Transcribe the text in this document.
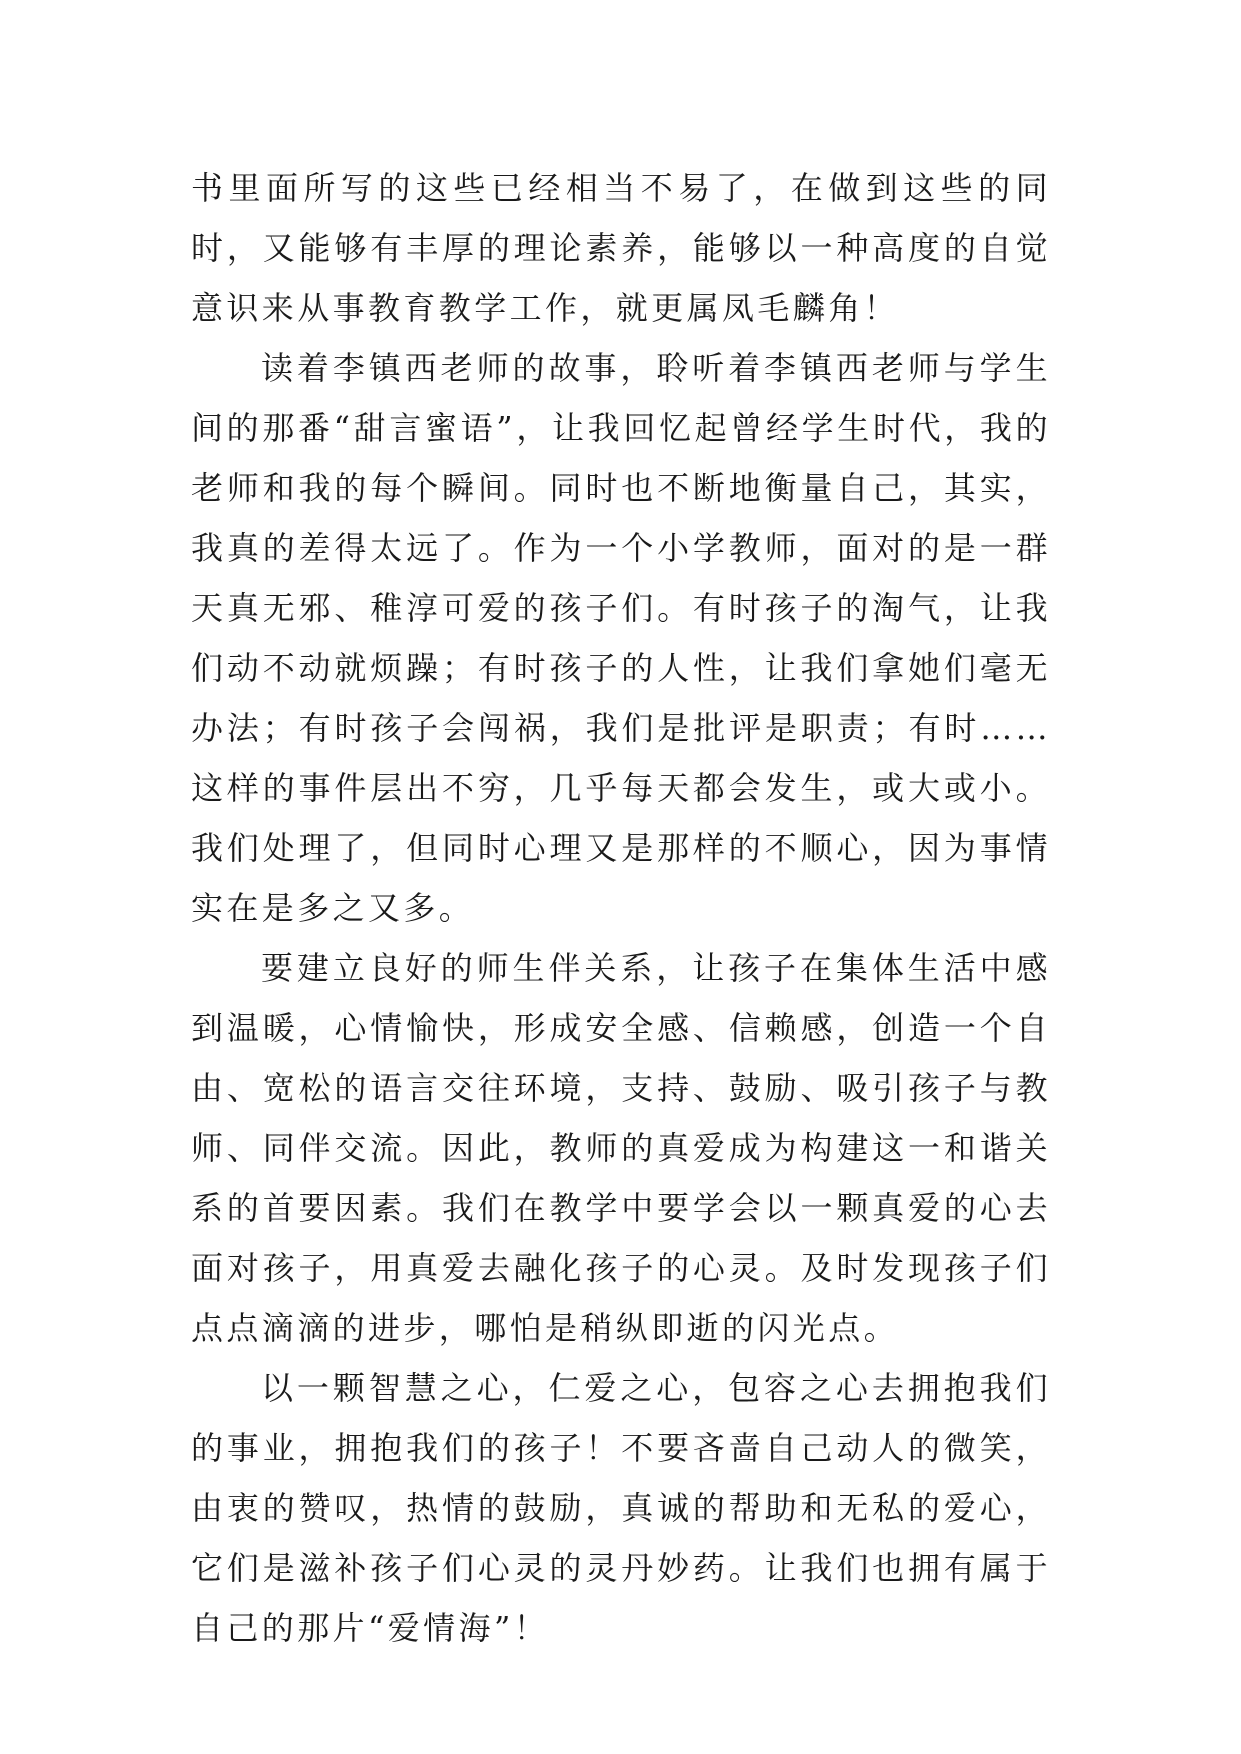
书里面所写的这些已经相当不易了，在做到这些的同时，又能够有丰厚的理论素养，能够以一种高度的自觉意识来从事教育教学工作，就更属凤毛麟角！

读着李镇西老师的故事，聆听着李镇西老师与学生间的那番“甜言蜜语”，让我回忆起曾经学生时代，我的老师和我的每个瞬间。同时也不断地衡量自己，其实，我真的差得太远了。作为一个小学教师，面对的是一群天真无邪、稚淳可爱的孩子们。有时孩子的淘气，让我们动不动就烦躁；有时孩子的人性，让我们拿她们毫无办法；有时孩子会闯祸，我们是批评是职责；有时……这样的事件层出不穷，几乎每天都会发生，或大或小。我们处理了，但同时心理又是那样的不顺心，因为事情实在是多之又多。

要建立良好的师生伴关系，让孩子在集体生活中感到温暖，心情愉快，形成安全感、信赖感，创造一个自由、宽松的语言交往环境，支持、鼓励、吸引孩子与教师、同伴交流。因此，教师的真爱成为构建这一和谐关系的首要因素。我们在教学中要学会以一颗真爱的心去面对孩子，用真爱去融化孩子的心灵。及时发现孩子们点点滴滴的进步，哪怕是稍纵即逝的闪光点。

以一颗智慧之心，仁爱之心，包容之心去拥抱我们的事业，拥抱我们的孩子！不要吝啬自己动人的微笑，由衷的赞叹，热情的鼓励，真诚的帮助和无私的爱心，它们是滋补孩子们心灵的灵丹妙药。让我们也拥有属于自己的那片“爱情海”！
